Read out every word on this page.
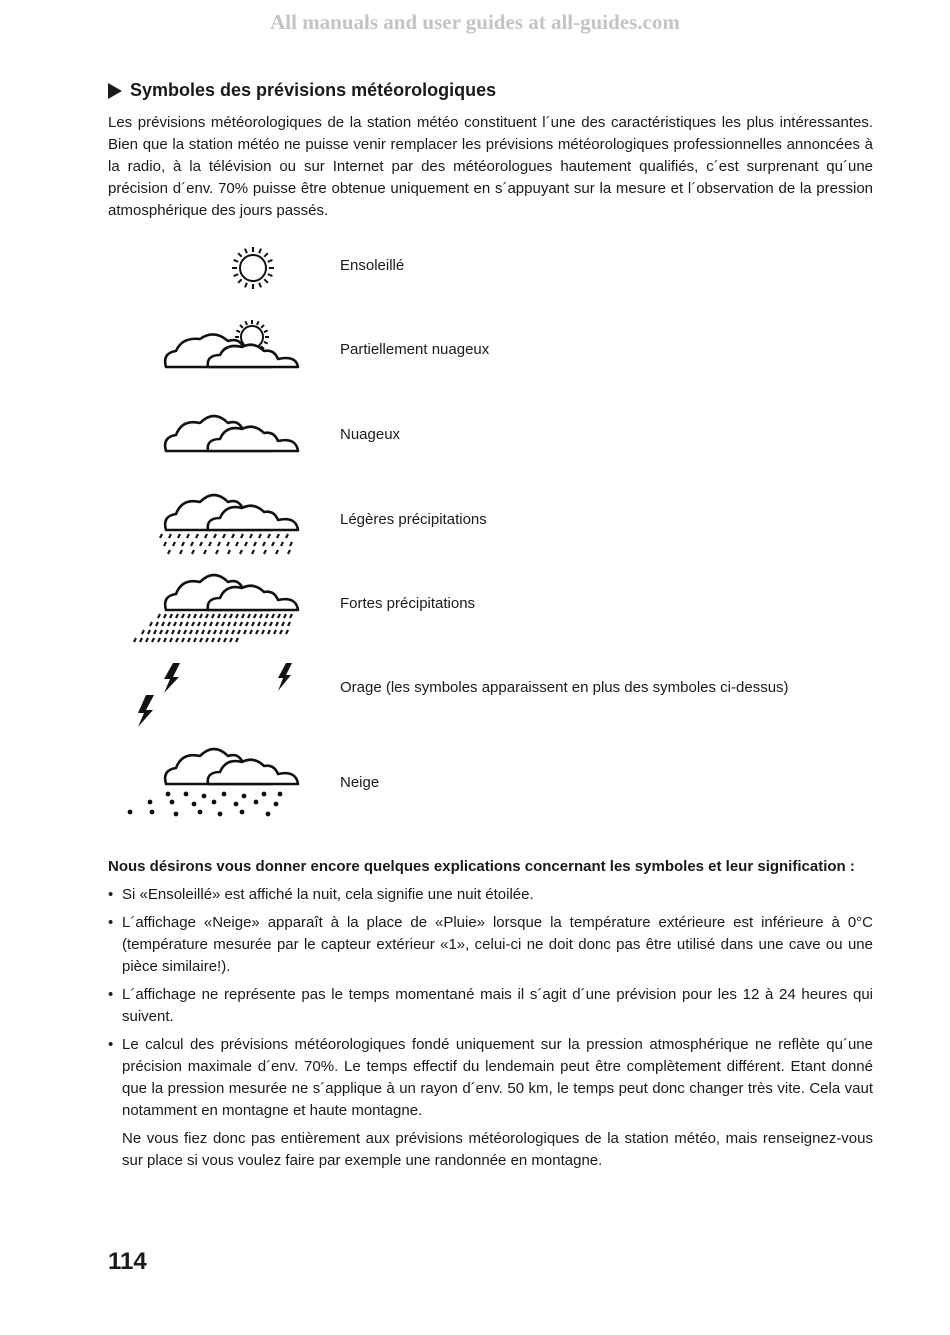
All manuals and user guides at all-guides.com
Symboles des prévisions météorologiques
Les prévisions météorologiques de la station météo constituent l´une des caractéristiques les plus intéressantes. Bien que la station météo ne puisse venir remplacer les prévisions météorologiques professionnelles annoncées à la radio, à la télévision ou sur Internet par des météorologues hautement qualifiés, c´est surprenant qu´une précision d´env. 70% puisse être obtenue uniquement en s´appuyant sur la mesure et l´observation de la pression atmosphérique des jours passés.
Ensoleillé
Partiellement nuageux
Nuageux
Légères précipitations
Fortes précipitations
Orage (les symboles apparaissent en plus des symboles ci-dessus)
Neige
Nous désirons vous donner encore quelques explications concernant les symboles et leur signification :
• Si «Ensoleillé» est affiché la nuit, cela signifie une nuit étoilée.
• L´affichage «Neige» apparaît à la place de «Pluie» lorsque la température extérieure est inférieure à 0°C (température mesurée par le capteur extérieur «1», celui-ci ne doit donc pas être utilisé dans une cave ou une pièce similaire!).
• L´affichage ne représente pas le temps momentané mais il s´agit d´une prévision pour les 12 à 24 heures qui suivent.
• Le calcul des prévisions météorologiques fondé uniquement sur la pression atmosphérique ne reflète qu´une précision maximale d´env. 70%. Le temps effectif du lendemain peut être complètement différent. Etant donné que la pression mesurée ne s´applique à un rayon d´env. 50 km, le temps peut donc changer très vite. Cela vaut notamment en montagne et haute montagne.
Ne vous fiez donc pas entièrement aux prévisions météorologiques de la station météo, mais renseignez-vous sur place si vous voulez faire par exemple une randonnée en montagne.
114
